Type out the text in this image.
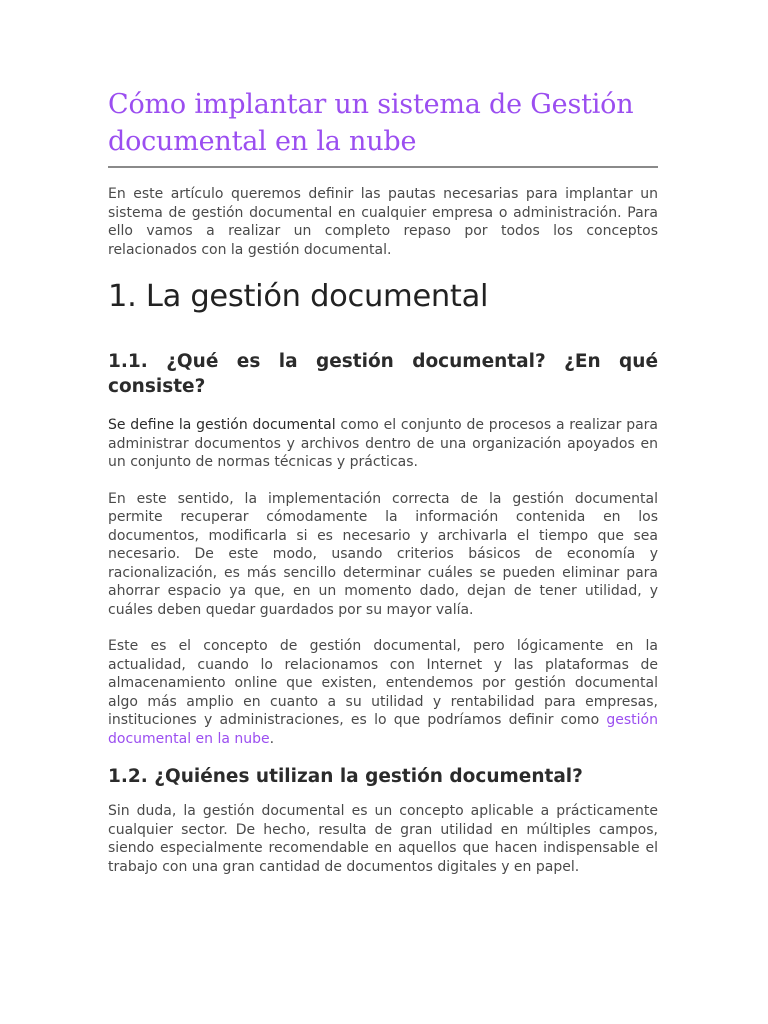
Cómo implantar un sistema de Gestión documental en la nube

En este artículo queremos definir las pautas necesarias para implantar un sistema de gestión documental en cualquier empresa o administración. Para ello vamos a realizar un completo repaso por todos los conceptos relacionados con la gestión documental.

1. La gestión documental
1.1. ¿Qué es la gestión documental? ¿En qué consiste?

Se define la gestión documental como el conjunto de procesos a realizar para administrar documentos y archivos dentro de una organización apoyados en un conjunto de normas técnicas y prácticas.

En este sentido, la implementación correcta de la gestión documental permite recuperar cómodamente la información contenida en los documentos, modificarla si es necesario y archivarla el tiempo que sea necesario. De este modo, usando criterios básicos de economía y racionalización, es más sencillo determinar cuáles se pueden eliminar para ahorrar espacio ya que, en un momento dado, dejan de tener utilidad, y cuáles deben quedar guardados por su mayor valía.

Este es el concepto de gestión documental, pero lógicamente en la actualidad, cuando lo relacionamos con Internet y las plataformas de almacenamiento online que existen, entendemos por gestión documental algo más amplio en cuanto a su utilidad y rentabilidad para empresas, instituciones y administraciones, es lo que podríamos definir como gestión documental en la nube.

1.2. ¿Quiénes utilizan la gestión documental?

Sin duda, la gestión documental es un concepto aplicable a prácticamente cualquier sector. De hecho, resulta de gran utilidad en múltiples campos, siendo especialmente recomendable en aquellos que hacen indispensable el trabajo con una gran cantidad de documentos digitales y en papel.
